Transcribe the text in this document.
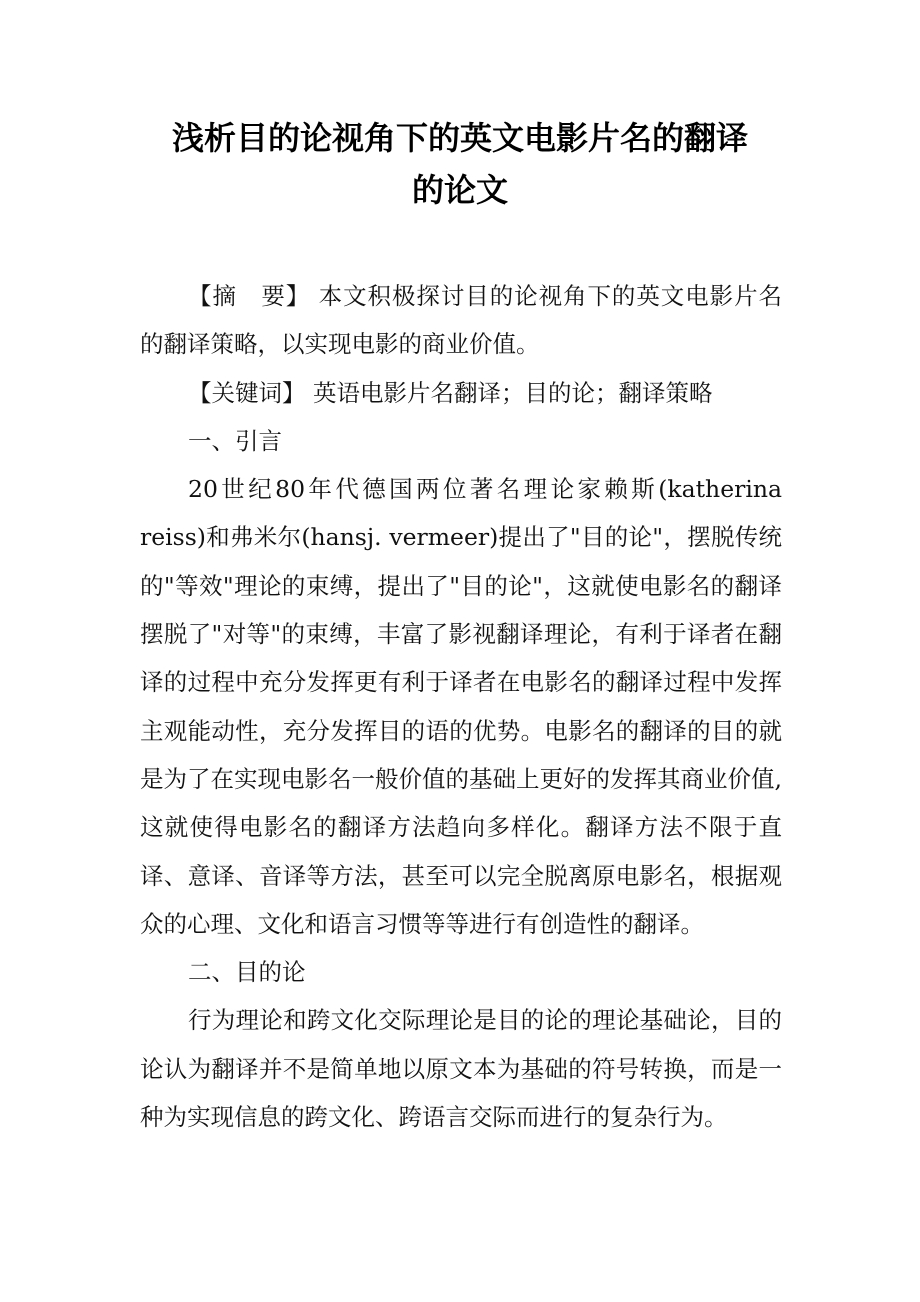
浅析目的论视角下的英文电影片名的翻译
的论文

【摘　要】 本文积极探讨目的论视角下的英文电影片名的翻译策略，以实现电影的商业价值。

【关键词】 英语电影片名翻译；目的论；翻译策略

一、引言

20世纪80年代德国两位著名理论家赖斯(katherina reiss)和弗米尔(hansj. vermeer)提出了"目的论"，摆脱传统的"等效"理论的束缚，提出了"目的论"，这就使电影名的翻译摆脱了"对等"的束缚，丰富了影视翻译理论，有利于译者在翻译的过程中充分发挥更有利于译者在电影名的翻译过程中发挥主观能动性，充分发挥目的语的优势。电影名的翻译的目的就是为了在实现电影名一般价值的基础上更好的发挥其商业价值,这就使得电影名的翻译方法趋向多样化。翻译方法不限于直译、意译、音译等方法，甚至可以完全脱离原电影名，根据观众的心理、文化和语言习惯等等进行有创造性的翻译。

二、目的论

行为理论和跨文化交际理论是目的论的理论基础论，目的论认为翻译并不是简单地以原文本为基础的符号转换，而是一种为实现信息的跨文化、跨语言交际而进行的复杂行为。
